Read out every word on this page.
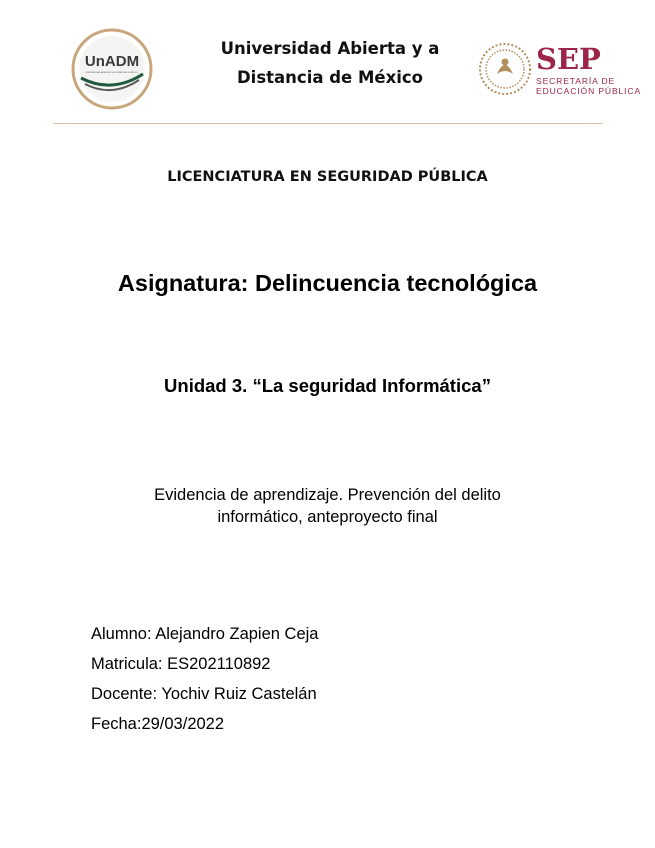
UnADM
UNIVERSIDAD ABIERTA Y A DISTANCIA DE MÉXICO
Universidad Abierta y a
Distancia de México
SEP
SECRETARÍA DE
EDUCACIÓN PÚBLICA
LICENCIATURA EN SEGURIDAD PÚBLICA
Asignatura: Delincuencia tecnológica
Unidad 3. “La seguridad Informática”
Evidencia de aprendizaje. Prevención del delito
informático, anteproyecto final
Alumno: Alejandro Zapien Ceja
Matricula: ES202110892
Docente: Yochiv Ruiz Castelán
Fecha:29/03/2022
